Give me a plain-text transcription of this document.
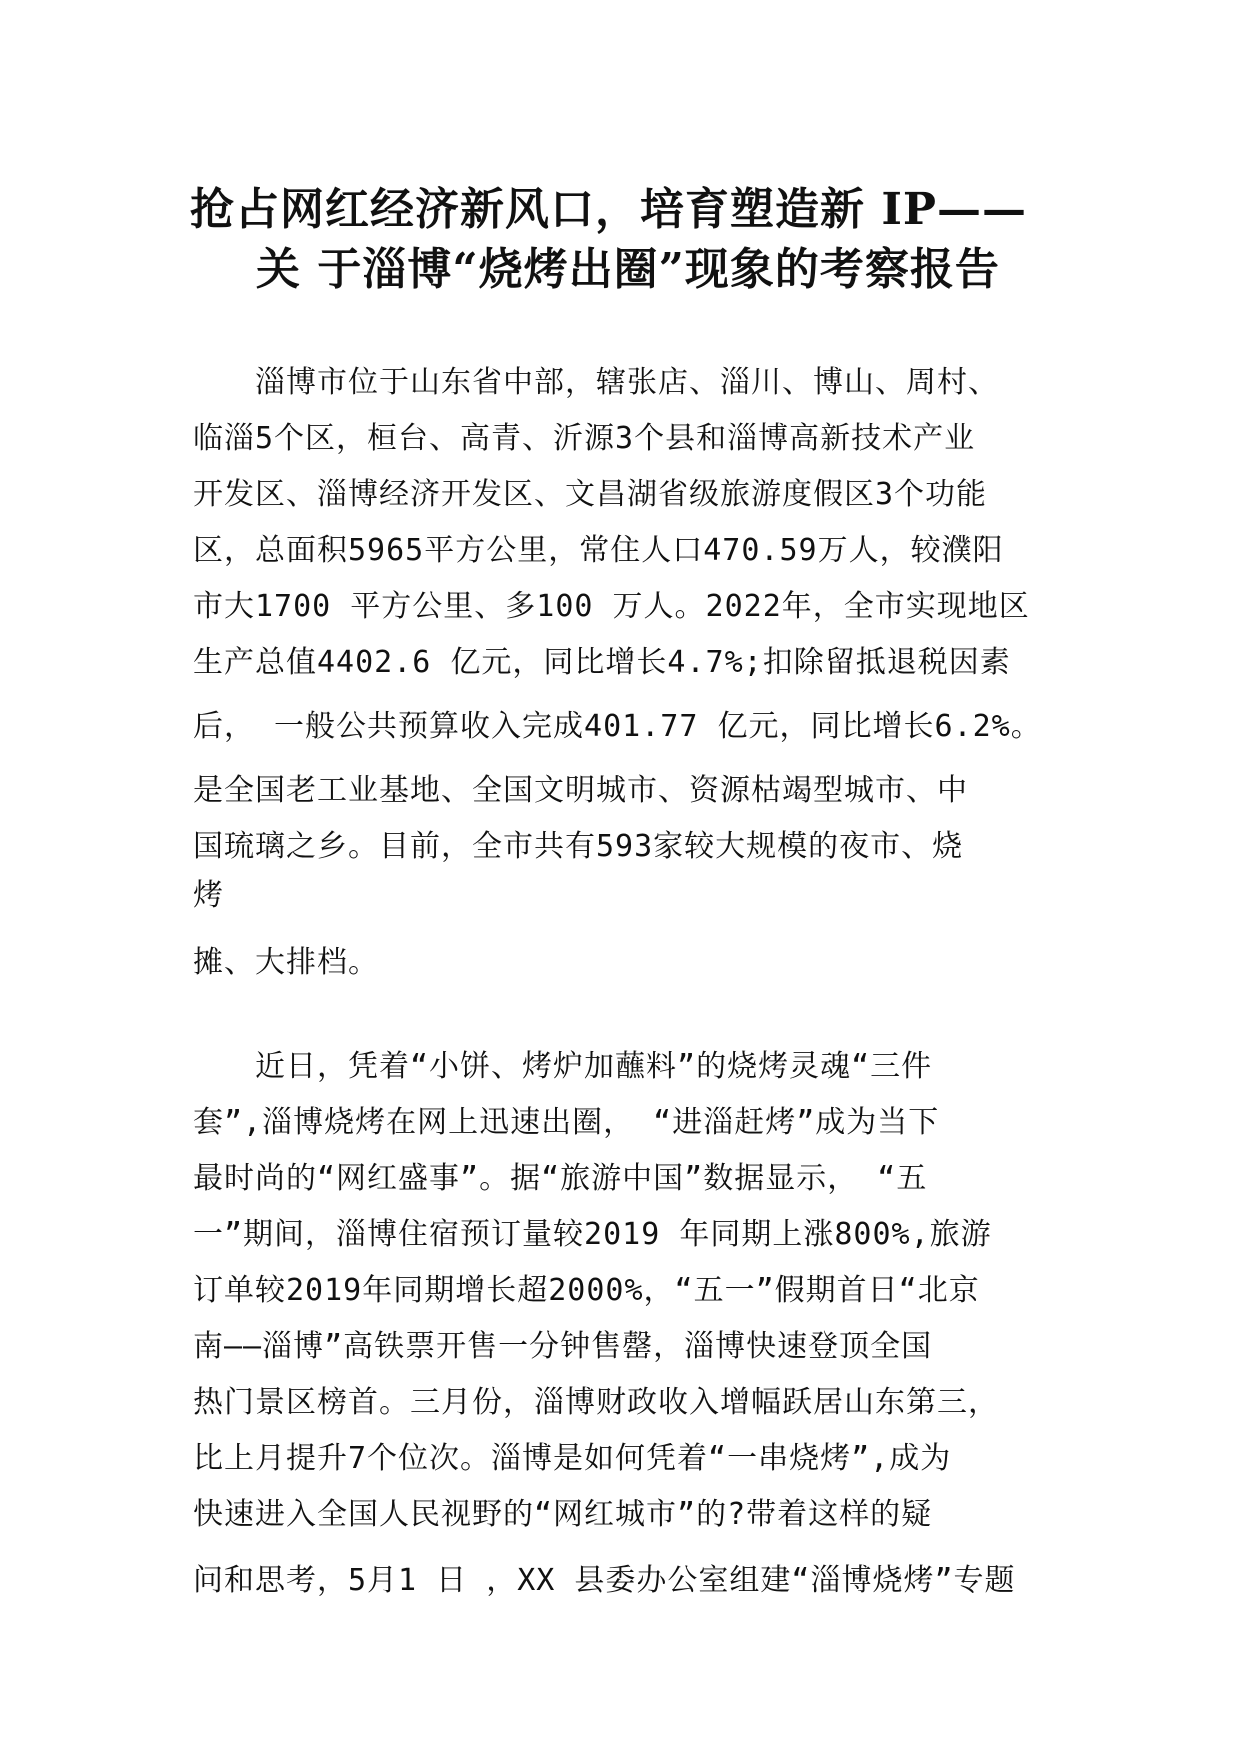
抢占网红经济新风口，培育塑造新 IP——
关 于淄博“烧烤出圈”现象的考察报告
　　淄博市位于山东省中部，辖张店、淄川、博山、周村、
临淄5个区，桓台、高青、沂源3个县和淄博高新技术产业
开发区、淄博经济开发区、文昌湖省级旅游度假区3个功能
区，总面积5965平方公里，常住人口470.59万人，较濮阳
市大1700 平方公里、多100 万人。2022年，全市实现地区
生产总值4402.6 亿元，同比增长4.7%;扣除留抵退税因素
后， 一般公共预算收入完成401.77 亿元，同比增长6.2%。
是全国老工业基地、全国文明城市、资源枯竭型城市、中
国琉璃之乡。目前，全市共有593家较大规模的夜市、烧
烤
摊、大排档。
　　近日，凭着“小饼、烤炉加蘸料”的烧烤灵魂“三件
套”,淄博烧烤在网上迅速出圈， “进淄赶烤”成为当下
最时尚的“网红盛事”。据“旅游中国”数据显示， “五
一”期间，淄博住宿预订量较2019 年同期上涨800%,旅游
订单较2019年同期增长超2000%，“五一”假期首日“北京
南——淄博”高铁票开售一分钟售罄，淄博快速登顶全国
热门景区榜首。三月份，淄博财政收入增幅跃居山东第三，
比上月提升7个位次。淄博是如何凭着“一串烧烤”,成为
快速进入全国人民视野的“网红城市”的?带着这样的疑
问和思考，5月1 日 ，XX 县委办公室组建“淄博烧烤”专题
